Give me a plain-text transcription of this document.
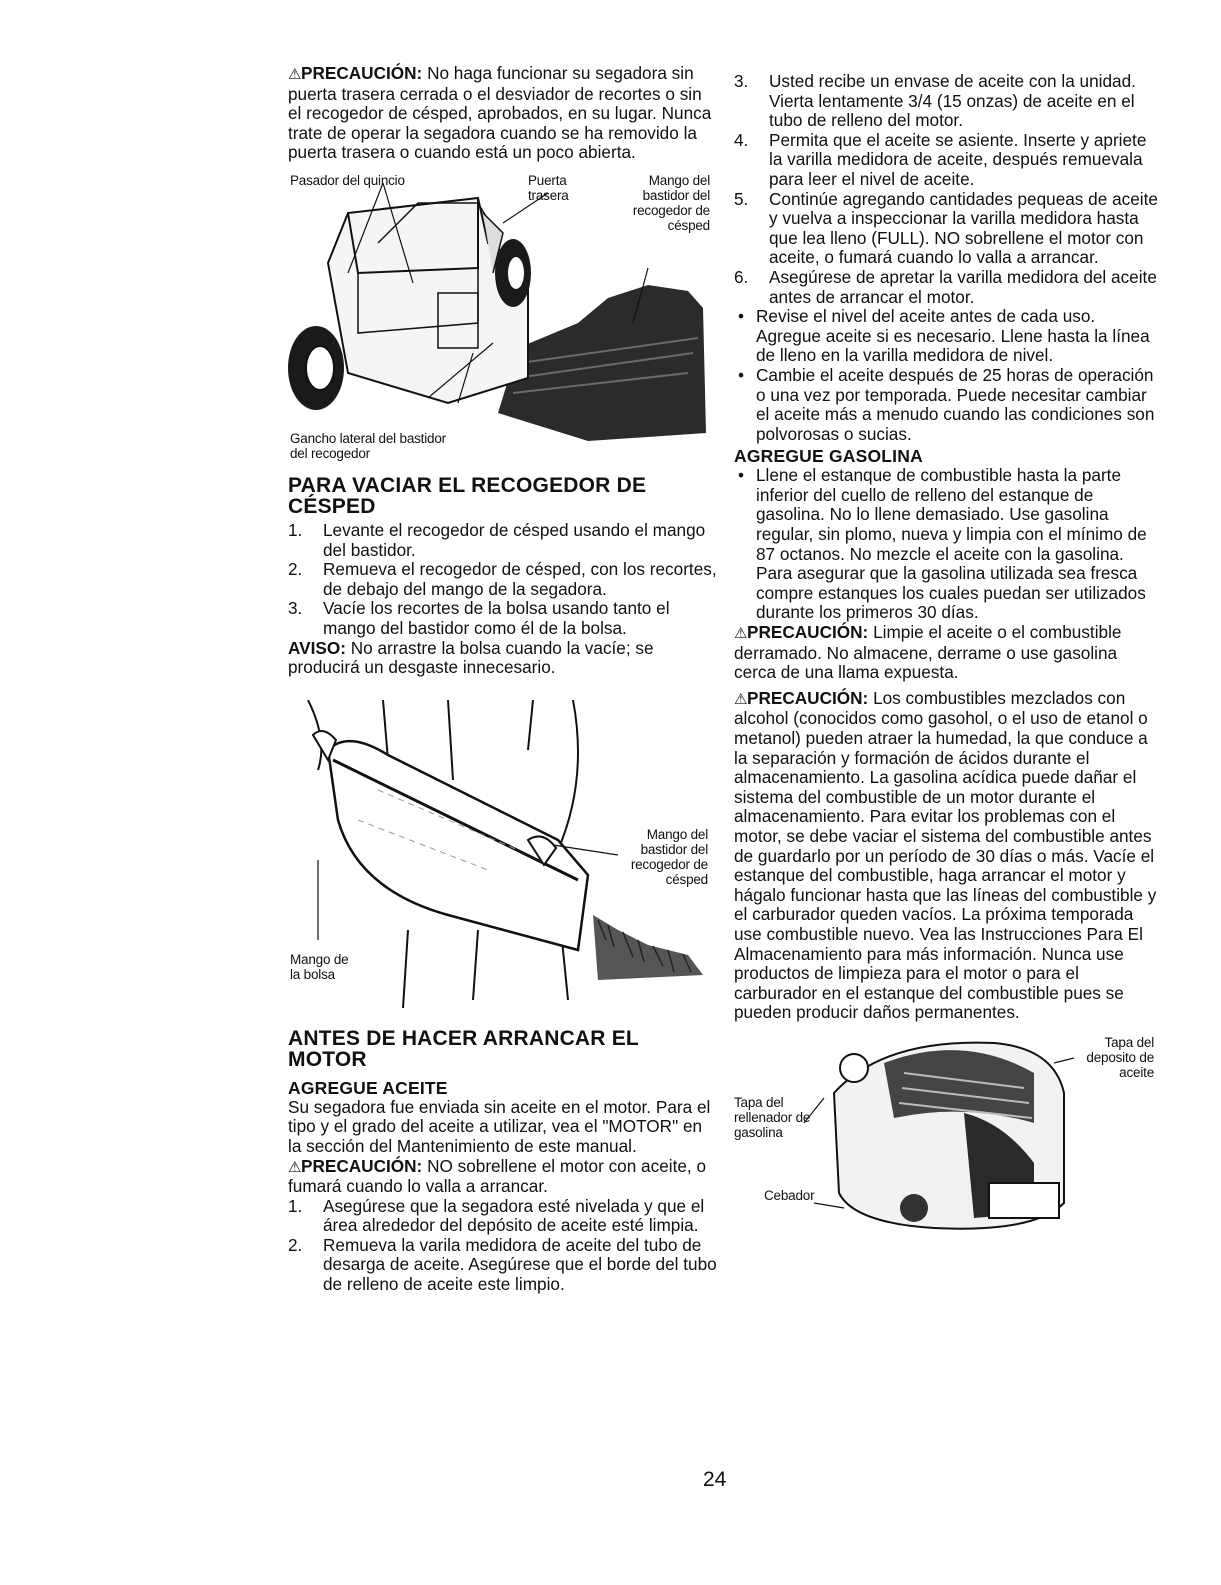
⚠PRECAUCIÓN: No haga funcionar su segadora sin puerta trasera cerrada o el desviador de recortes o sin el recogedor de césped, aprobados, en su lugar. Nunca trate de operar la segadora cuando se ha removido la puerta trasera o cuando está un poco abierta.

Pasador del quincio	Puerta trasera
Mango del bastidor del recogedor de césped
Gancho lateral del bastidor del recogedor
PARA VACIAR EL RECOGEDOR DE CÉSPED
1.	Levante el recogedor de césped usando el mango del bastidor.
2.	Remueva el recogedor de césped, con los recortes, de debajo del mango de la segadora.
3.	Vacíe los recortes de la bolsa usando tanto el mango del bastidor como él de la bolsa.

AVISO: No arrastre la bolsa cuando la vacíe; se producirá un desgaste innecesario.

Mango del bastidor del recogedor de césped
Mango de la bolsa
ANTES DE HACER ARRANCAR EL MOTOR
AGREGUE ACEITE

Su segadora fue enviada sin aceite en el motor. Para el tipo y el grado del aceite a utilizar, vea el "MOTOR" en la sección del Mantenimiento de este manual.

⚠PRECAUCIÓN: NO sobrellene el motor con aceite, o fumará cuando lo valla a arrancar.

1.	Asegúrese que la segadora esté nivelada y que el área alrededor del depósito de aceite esté limpia.
2.	Remueva la varila medidora de aceite del tubo de desarga de aceite. Asegúrese que el borde del tubo de relleno de aceite este limpio.
3.	Usted recibe un envase de aceite con la unidad. Vierta lentamente 3/4 (15 onzas) de aceite en el tubo de relleno del motor.
4.	Permita que el aceite se asiente. Inserte y apriete la varilla medidora de aceite, después remuevala para leer el nivel de aceite.
5.	Continúe agregando cantidades pequeas de aceite y vuelva a inspeccionar la varilla medidora hasta que lea lleno (FULL). NO sobrellene el motor con aceite, o fumará cuando lo valla a arrancar.
6.	Asegúrese de apretar la varilla medidora del aceite antes de arrancar el motor.
• Revise el nivel del aceite antes de cada uso. Agregue aceite si es necesario. Llene hasta la línea de lleno en la varilla medidora de nivel.
• Cambie el aceite después de 25 horas de operación o una vez por temporada. Puede necesitar cambiar el aceite más a menudo cuando las condiciones son polvorosas o sucias.
AGREGUE GASOLINA
• Llene el estanque de combustible hasta la parte inferior del cuello de relleno del estanque de gasolina. No lo llene demasiado. Use gasolina regular, sin plomo, nueva y limpia con el mínimo de 87 octanos. No mezcle el aceite con la gasolina. Para asegurar que la gasolina utilizada sea fresca compre estanques los cuales puedan ser utilizados durante los primeros 30 días.

⚠PRECAUCIÓN: Limpie el aceite o el combustible derramado. No almacene, derrame o use gasolina cerca de una llama expuesta.

⚠PRECAUCIÓN: Los combustibles mezclados con alcohol (conocidos como gasohol, o el uso de etanol o metanol) pueden atraer la humedad, la que conduce a la separación y formación de ácidos durante el almacenamiento. La gasolina acídica puede dañar el sistema del combustible de un motor durante el almacenamiento. Para evitar los problemas con el motor, se debe vaciar el sistema del combustible antes de guardarlo por un período de 30 días o más. Vacíe el estanque del combustible, haga arrancar el motor y hágalo funcionar hasta que las líneas del combustible y el carburador queden vacíos. La próxima temporada use combustible nuevo. Vea las Instrucciones Para El Almacenamiento para más información. Nunca use productos de limpieza para el motor o para el carburador en el estanque del combustible pues se pueden producir daños permanentes.

Tapa del deposito de aceite
Tapa del rellenador de gasolina
Cebador
24
